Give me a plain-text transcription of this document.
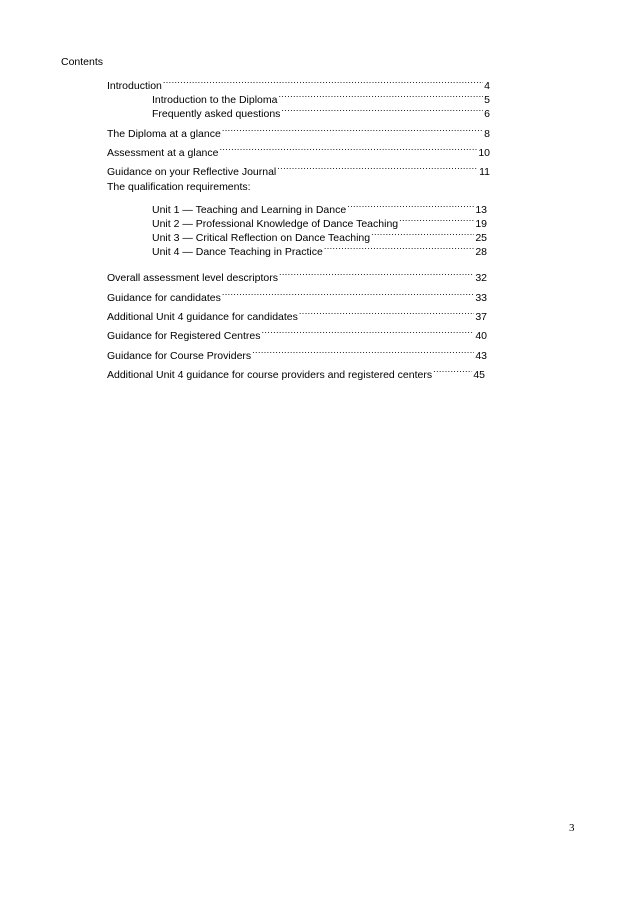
Contents
Introduction .....	4
Introduction to the Diploma .....	5
Frequently asked questions .....	6
The Diploma at a glance .....	8
Assessment at a glance .....	10
Guidance on your Reflective Journal .....	11
The qualification requirements:
Unit 1 — Teaching and Learning in Dance .....	13
Unit 2 — Professional Knowledge of Dance Teaching .....	19
Unit 3 — Critical Reflection on Dance Teaching .....	25
Unit 4 — Dance Teaching in Practice .....	28
Overall assessment level descriptors .....	32
Guidance for candidates .....	33
Additional Unit 4 guidance for candidates .....	37
Guidance for Registered Centres .....	40
Guidance for Course Providers .....	43
Additional Unit 4 guidance for course providers and registered centers .....	45
3
